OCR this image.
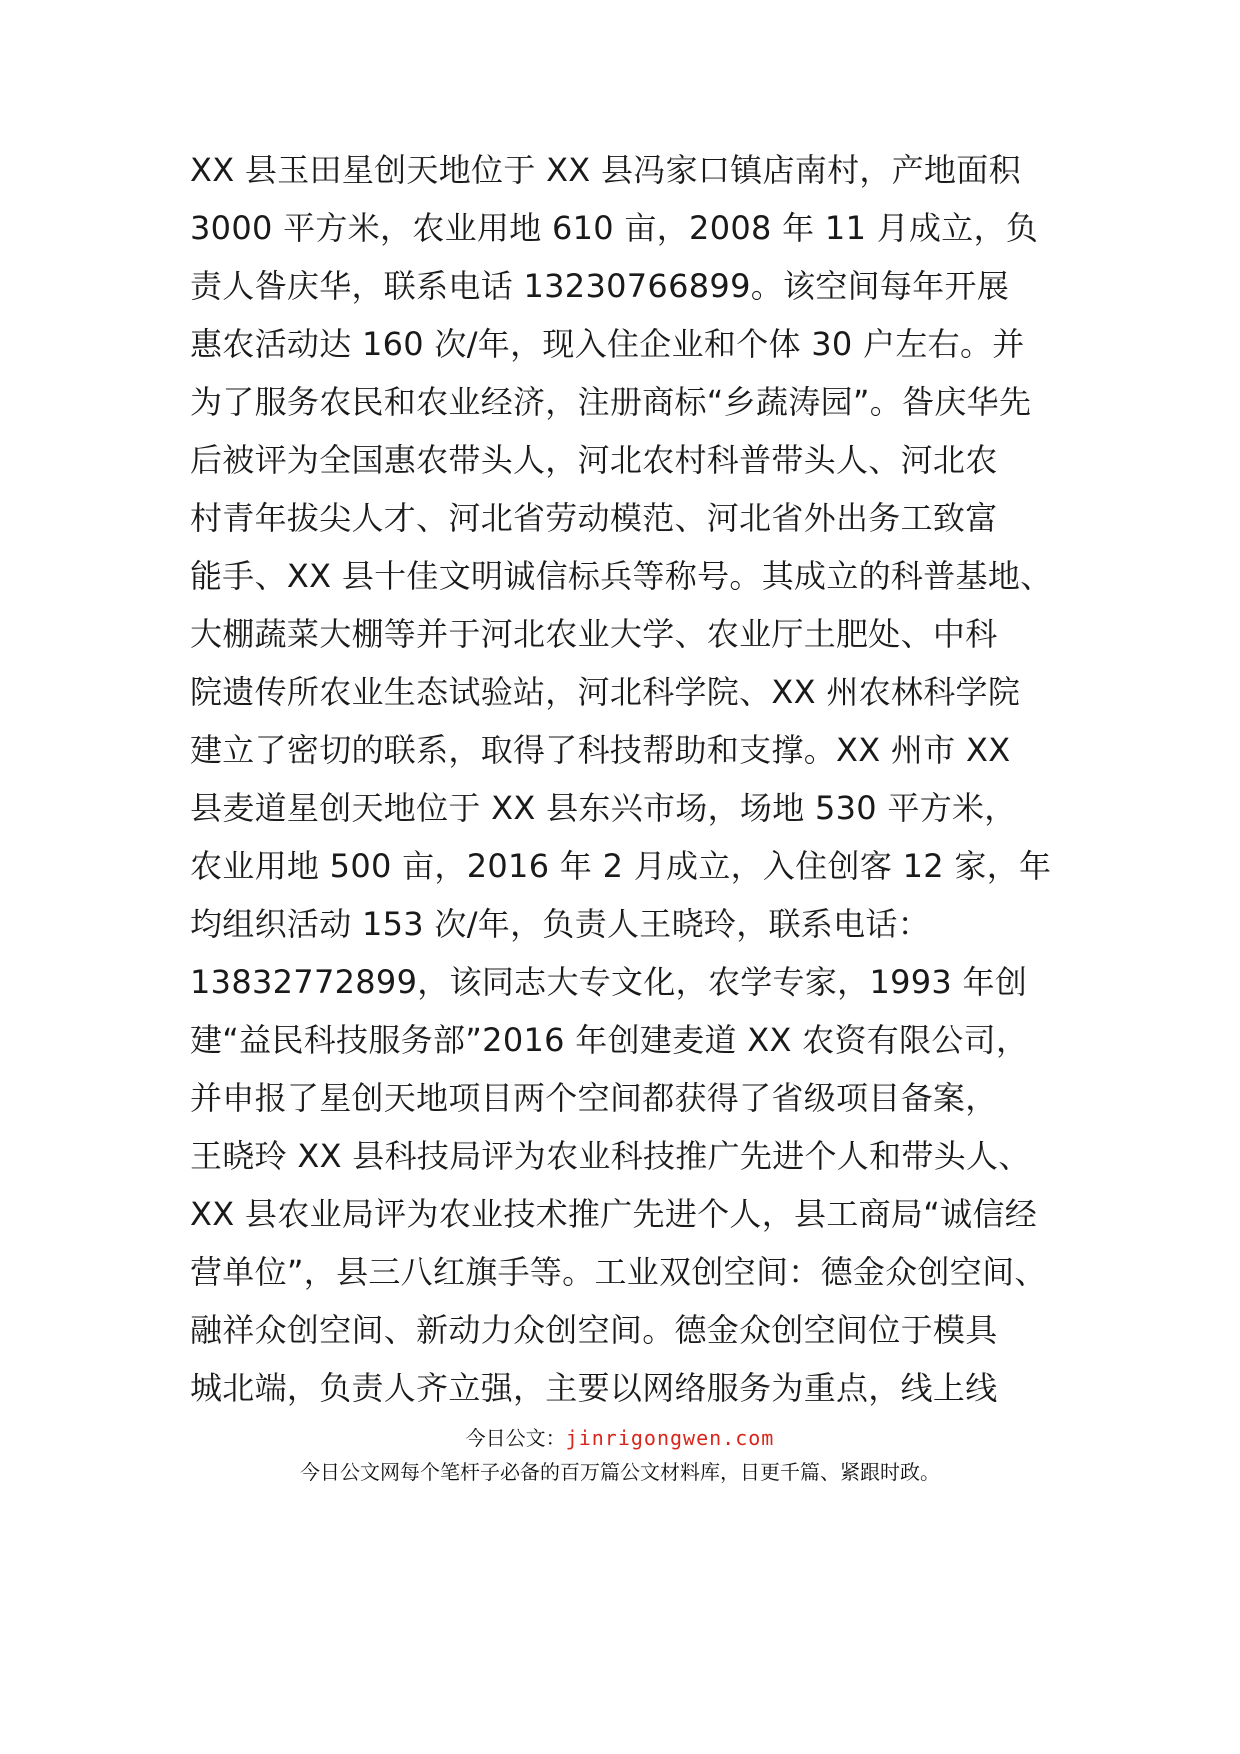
XX 县玉田星创天地位于 XX 县冯家口镇店南村，产地面积
3000 平方米，农业用地 610 亩，2008 年 11 月成立，负
责人昝庆华，联系电话 13230766899。该空间每年开展
惠农活动达 160 次/年，现入住企业和个体 30 户左右。并
为了服务农民和农业经济，注册商标“乡蔬涛园”。昝庆华先
后被评为全国惠农带头人，河北农村科普带头人、河北农
村青年拔尖人才、河北省劳动模范、河北省外出务工致富
能手、XX 县十佳文明诚信标兵等称号。其成立的科普基地、
大棚蔬菜大棚等并于河北农业大学、农业厅土肥处、中科
院遗传所农业生态试验站，河北科学院、XX 州农林科学院
建立了密切的联系，取得了科技帮助和支撑。XX 州市 XX
县麦道星创天地位于 XX 县东兴市场，场地 530 平方米，
农业用地 500 亩，2016 年 2 月成立，入住创客 12 家，年
均组织活动 153 次/年，负责人王晓玲，联系电话：
13832772899，该同志大专文化，农学专家，1993 年创
建“益民科技服务部”2016 年创建麦道 XX 农资有限公司，
并申报了星创天地项目两个空间都获得了省级项目备案，
王晓玲 XX 县科技局评为农业科技推广先进个人和带头人、
XX 县农业局评为农业技术推广先进个人，县工商局“诚信经
营单位”，县三八红旗手等。工业双创空间：德金众创空间、
融祥众创空间、新动力众创空间。德金众创空间位于模具
城北端，负责人齐立强，主要以网络服务为重点，线上线
今日公文：jinrigongwen.com
今日公文网每个笔杆子必备的百万篇公文材料库，日更千篇、紧跟时政。
